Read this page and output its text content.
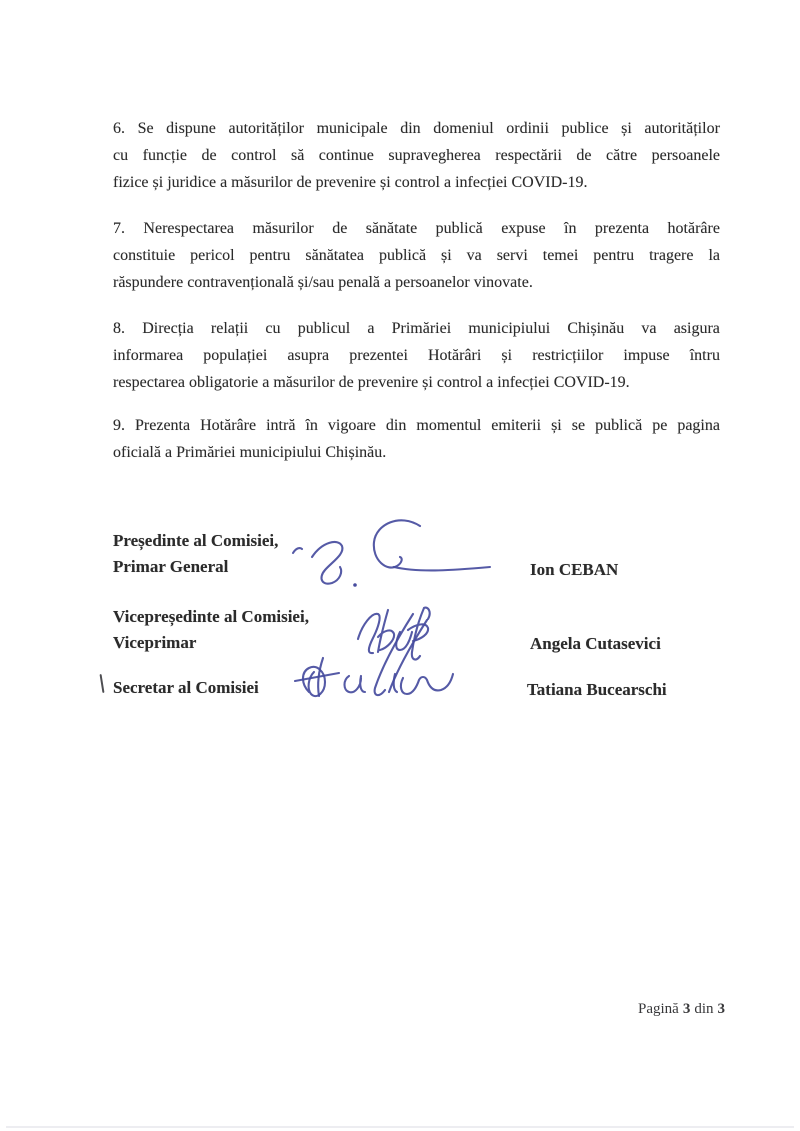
6. Se dispune autorităților municipale din domeniul ordinii publice și autorităților
cu funcție de control să continue supravegherea respectării de către persoanele
fizice și juridice a măsurilor de prevenire și control a infecției COVID-19.
7. Nerespectarea măsurilor de sănătate publică expuse în prezenta hotărâre
constituie pericol pentru sănătatea publică și va servi temei pentru tragere la
răspundere contravențională și/sau penală a persoanelor vinovate.
8. Direcția relații cu publicul a Primăriei municipiului Chișinău va asigura
informarea populației asupra prezentei Hotărâri și restricțiilor impuse întru
respectarea obligatorie a măsurilor de prevenire și control a infecției COVID-19.
9. Prezenta Hotărâre intră în vigoare din momentul emiterii și se publică pe pagina
oficială a Primăriei municipiului Chișinău.
Președinte al Comisiei,
Primar General	Ion CEBAN
Vicepreședinte al Comisiei,
Viceprimar	Angela Cutasevici
Secretar al Comisiei	Tatiana Bucearschi
Pagină 3 din 3
